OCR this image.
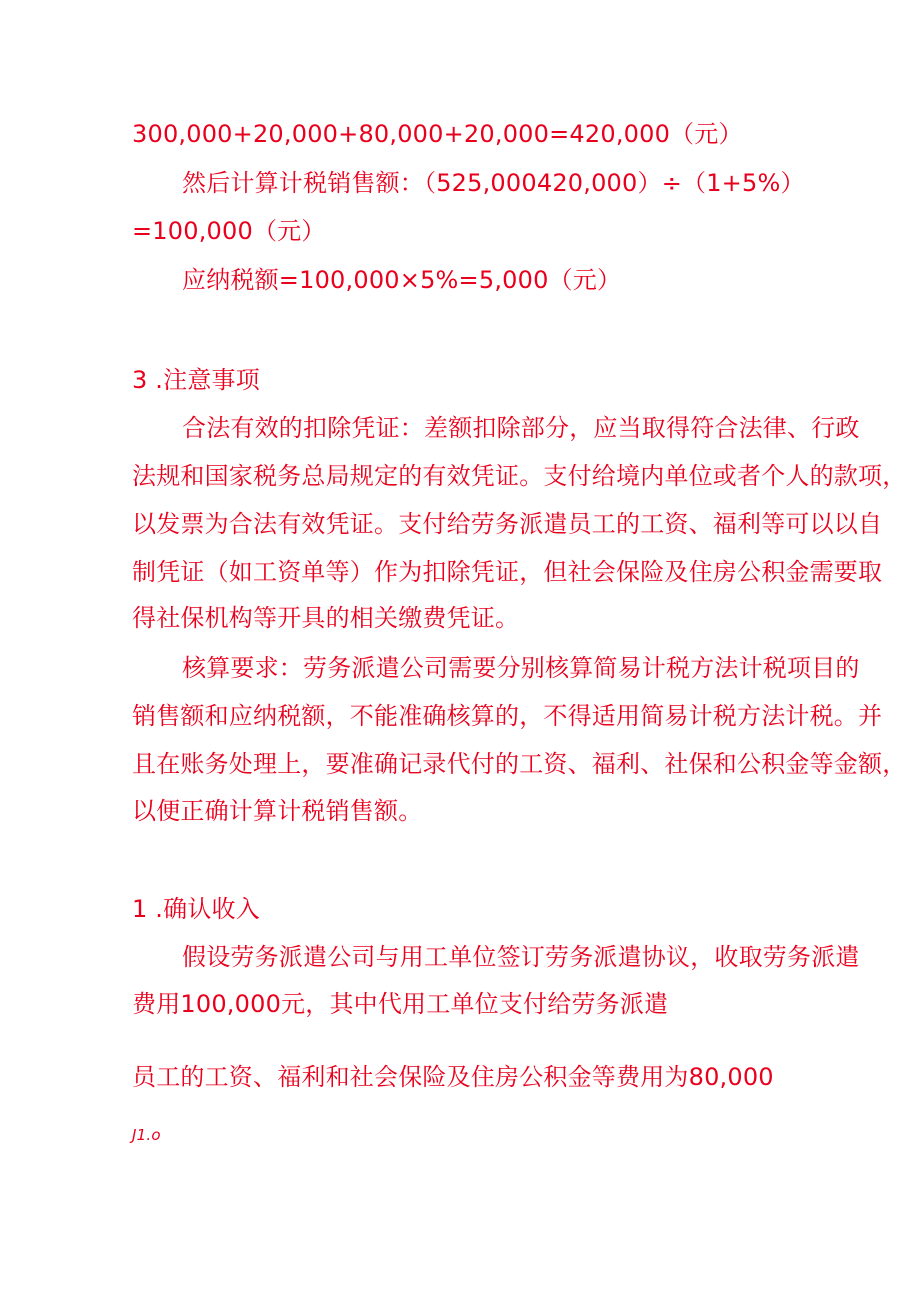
300,000+20,000+80,000+20,000=420,000（元）
然后计算计税销售额：（525,000420,000）÷（1+5%）
=100,000（元）
应纳税额=100,000×5%=5,000（元）
3 .注意事项
合法有效的扣除凭证：差额扣除部分，应当取得符合法律、行政
法规和国家税务总局规定的有效凭证。支付给境内单位或者个人的款项，
以发票为合法有效凭证。支付给劳务派遣员工的工资、福利等可以以自
制凭证（如工资单等）作为扣除凭证，但社会保险及住房公积金需要取
得社保机构等开具的相关缴费凭证。
核算要求：劳务派遣公司需要分别核算简易计税方法计税项目的
销售额和应纳税额，不能准确核算的，不得适用简易计税方法计税。并
且在账务处理上，要准确记录代付的工资、福利、社保和公积金等金额，
以便正确计算计税销售额。
1 .确认收入
假设劳务派遣公司与用工单位签订劳务派遣协议，收取劳务派遣
费用100,000元，其中代用工单位支付给劳务派遣
员工的工资、福利和社会保险及住房公积金等费用为80,000
J1.o
